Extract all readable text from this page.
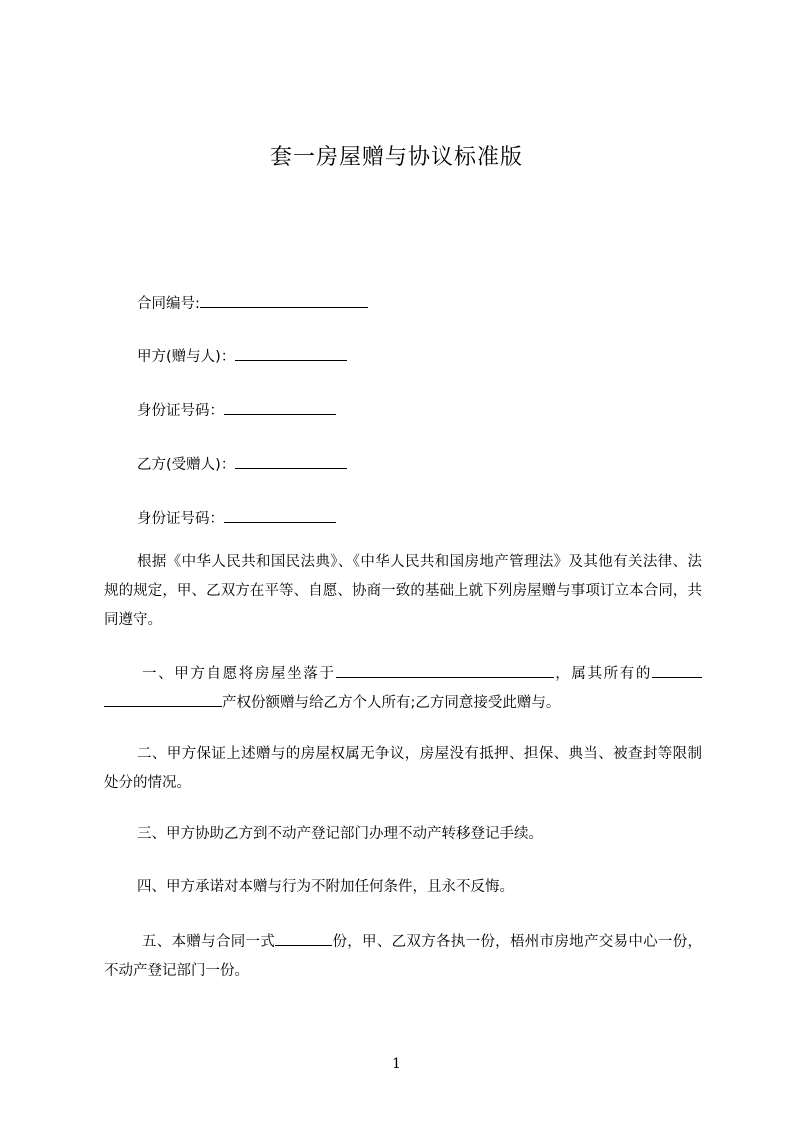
套一房屋赠与协议标准版
合同编号:
甲方(赠与人)：
身份证号码：
乙方(受赠人)：
身份证号码：
根据《中华人民共和国民法典》、《中华人民共和国房地产管理法》及其他有关法律、法规的规定，甲、乙双方在平等、自愿、协商一致的基础上就下列房屋赠与事项订立本合同，共同遵守。
一、甲方自愿将房屋坐落于	，属其所有的产权份额赠与给乙方个人所有;乙方同意接受此赠与。
二、甲方保证上述赠与的房屋权属无争议，房屋没有抵押、担保、典当、被查封等限制处分的情况。
三、甲方协助乙方到不动产登记部门办理不动产转移登记手续。
四、甲方承诺对本赠与行为不附加任何条件，且永不反悔。
五、本赠与合同一式	份，甲、乙双方各执一份，梧州市房地产交易中心一份，不动产登记部门一份。
1
